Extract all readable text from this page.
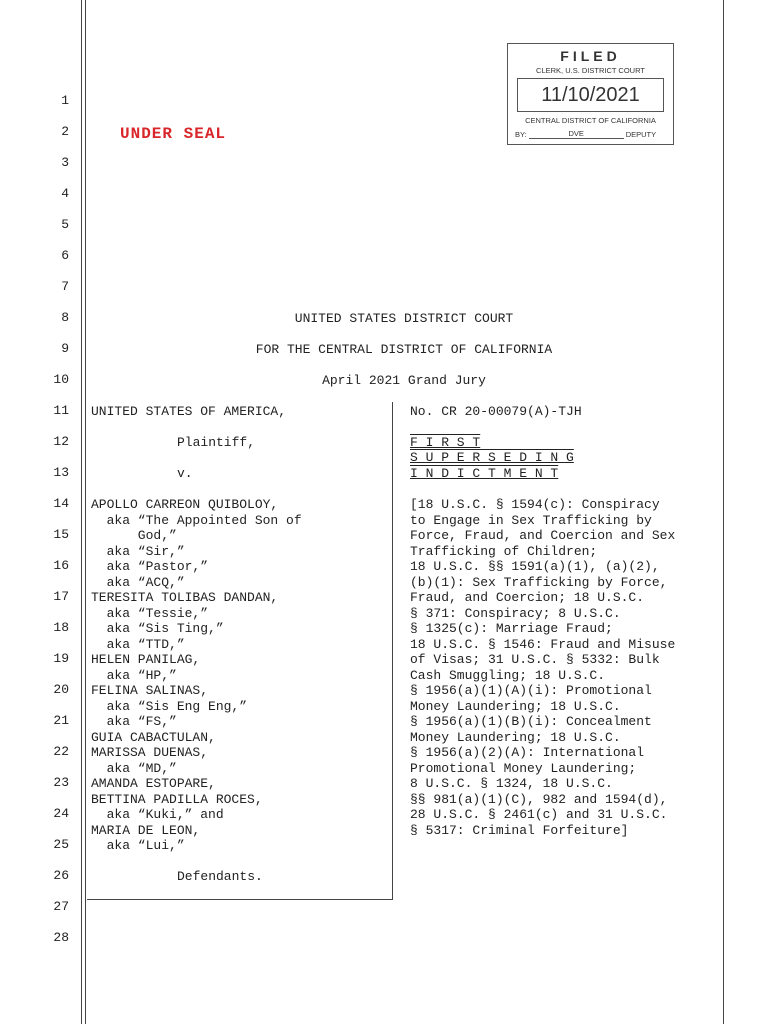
1
2
3
4
5
6
7
8
9
10
11
12
13
14
15
16
17
18
19
20
21
22
23
24
25
26
27
28
FILED
CLERK, U.S. DISTRICT COURT
11/10/2021
CENTRAL DISTRICT OF CALIFORNIA
BY:	DVE	DEPUTY
UNDER SEAL
UNITED STATES DISTRICT COURT
FOR THE CENTRAL DISTRICT OF CALIFORNIA
April 2021 Grand Jury
UNITED STATES OF AMERICA,
Plaintiff,
v.
APOLLO CARREON QUIBOLOY,
aka “The Appointed Son of
God,”
aka “Sir,”
aka “Pastor,”
aka “ACQ,”
TERESITA TOLIBAS DANDAN,
aka “Tessie,”
aka “Sis Ting,”
aka “TTD,”
HELEN PANILAG,
aka “HP,”
FELINA SALINAS,
aka “Sis Eng Eng,”
aka “FS,”
GUIA CABACTULAN,
MARISSA DUENAS,
aka “MD,”
AMANDA ESTOPARE,
BETTINA PADILLA ROCES,
aka “Kuki,” and
MARIA DE LEON,
aka “Lui,”
Defendants.
No. CR 20-00079(A)-TJH
F I R S T
S U P E R S E D I N G
I N D I C T M E N T
[18 U.S.C. § 1594(c): Conspiracy
to Engage in Sex Trafficking by
Force, Fraud, and Coercion and Sex
Trafficking of Children;
18 U.S.C. §§ 1591(a)(1), (a)(2),
(b)(1): Sex Trafficking by Force,
Fraud, and Coercion; 18 U.S.C.
§ 371: Conspiracy; 8 U.S.C.
§ 1325(c): Marriage Fraud;
18 U.S.C. § 1546: Fraud and Misuse
of Visas; 31 U.S.C. § 5332: Bulk
Cash Smuggling; 18 U.S.C.
§ 1956(a)(1)(A)(i): Promotional
Money Laundering; 18 U.S.C.
§ 1956(a)(1)(B)(i): Concealment
Money Laundering; 18 U.S.C.
§ 1956(a)(2)(A): International
Promotional Money Laundering;
8 U.S.C. § 1324, 18 U.S.C.
§§ 981(a)(1)(C), 982 and 1594(d),
28 U.S.C. § 2461(c) and 31 U.S.C.
§ 5317: Criminal Forfeiture]
